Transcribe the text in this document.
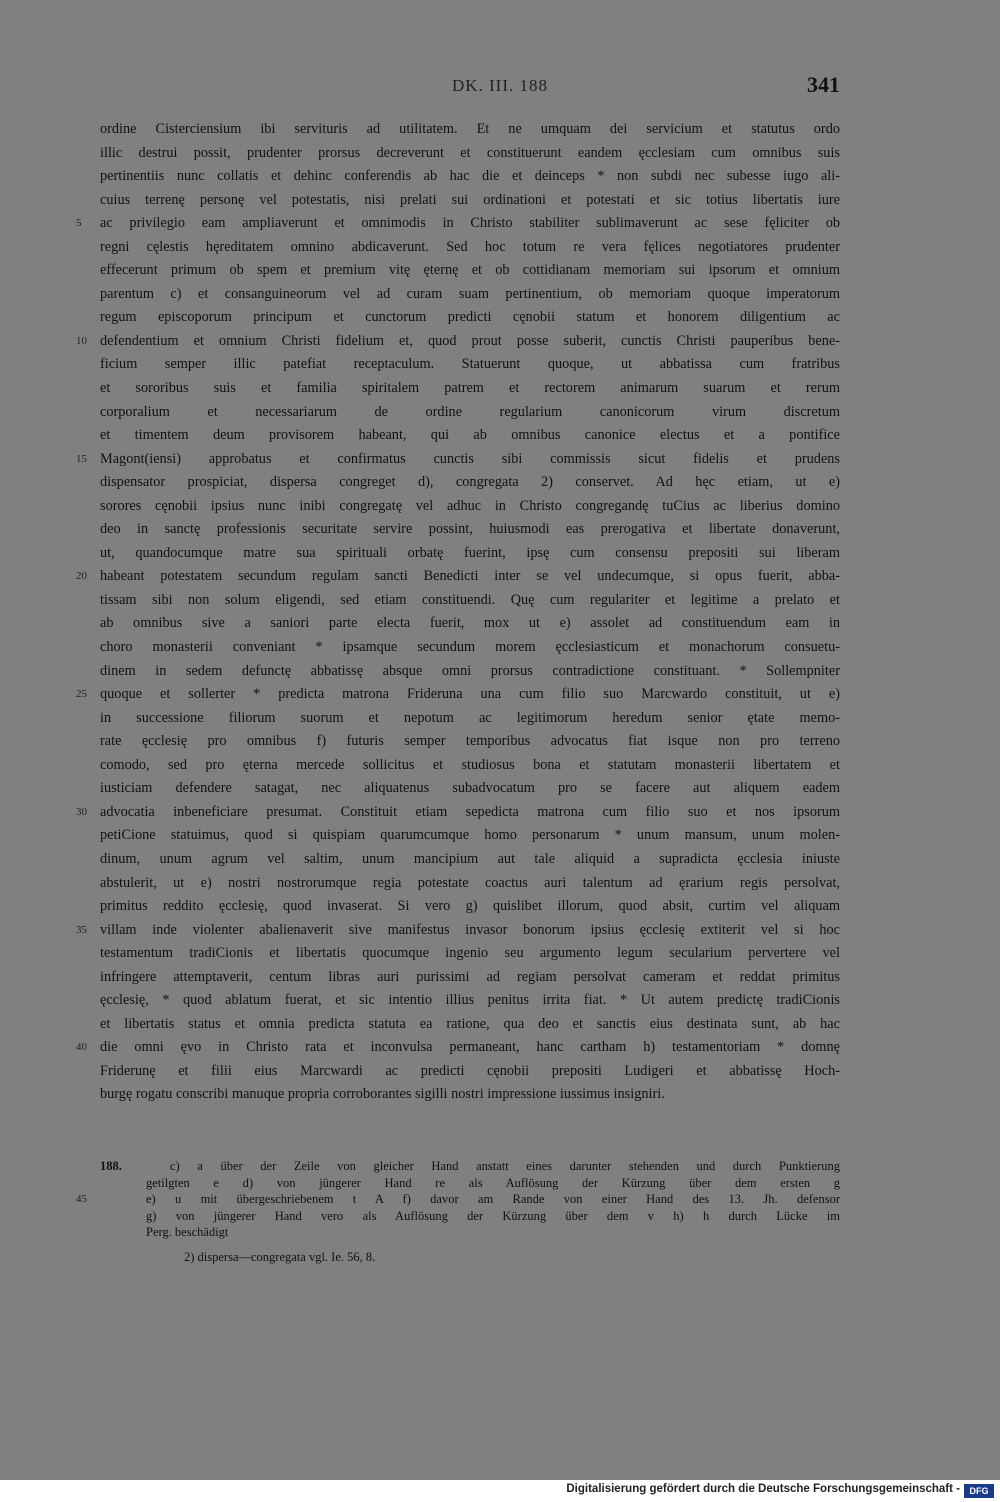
DK. III. 188	341
ordine Cisterciensium ibi servituris ad utilitatem. Et ne umquam dei servicium et statutus ordo
illic destrui possit, prudenter prorsus decreverunt et constituerunt eandem ęcclesiam cum omnibus suis
pertinentiis nunc collatis et dehinc conferendis ab hac die et deinceps * non subdi nec subesse iugo ali-
cuius terrenę personę vel potestatis, nisi prelati sui ordinationi et potestati et sic totius libertatis iure
ac privilegio eam ampliaverunt et omnimodis in Christo stabiliter sublimaverunt ac sese fęliciter ob
regni cęlestis hęreditatem omnino abdicaverunt. Sed hoc totum re vera fęlices negotiatores prudenter
effecerunt primum ob spem et premium vitę ęternę et ob cottidianam memoriam sui ipsorum et omnium
parentum c) et consanguineorum vel ad curam suam pertinentium, ob memoriam quoque imperatorum
regum episcoporum principum et cunctorum predicti cęnobii statum et honorem diligentium ac
defendentium et omnium Christi fidelium et, quod prout posse suberit, cunctis Christi pauperibus bene-
ficium semper illic patefiat receptaculum. Statuerunt quoque, ut abbatissa cum fratribus
et sororibus suis et familia spiritalem patrem et rectorem animarum suarum et rerum
corporalium et necessariarum de ordine regularium canonicorum virum discretum
et timentem deum provisorem habeant, qui ab omnibus canonice electus et a pontifice
Magont(iensi) approbatus et confirmatus cunctis sibi commissis sicut fidelis et prudens
dispensator prospiciat, dispersa congreget d), congregata 2) conservet. Ad hęc etiam, ut e)
sorores cęnobii ipsius nunc inibi congregatę vel adhuc in Christo congregandę tuCius ac liberius domino
deo in sanctę professionis securitate servire possint, huiusmodi eas prerogativa et libertate donaverunt,
ut, quandocumque matre sua spirituali orbatę fuerint, ipsę cum consensu prepositi sui liberam
habeant potestatem secundum regulam sancti Benedicti inter se vel undecumque, si opus fuerit, abba-
tissam sibi non solum eligendi, sed etiam constituendi. Quę cum regulariter et legitime a prelato et
ab omnibus sive a saniori parte electa fuerit, mox ut e) assolet ad constituendum eam in
choro monasterii conveniant * ipsamque secundum morem ęcclesiasticum et monachorum consuetu-
dinem in sedem defunctę abbatissę absque omni prorsus contradictione constituant. * Sollempniter
quoque et sollerter * predicta matrona Frideruna una cum filio suo Marcwardo constituit, ut e)
in successione filiorum suorum et nepotum ac legitimorum heredum senior ętate memo-
rate ęcclesię pro omnibus f) futuris semper temporibus advocatus fiat isque non pro terreno
comodo, sed pro ęterna mercede sollicitus et studiosus bona et statutam monasterii libertatem et
iusticiam defendere satagat, nec aliquatenus subadvocatum pro se facere aut aliquem eadem
advocatia inbeneficiare presumat. Constituit etiam sepedicta matrona cum filio suo et nos ipsorum
petiCione statuimus, quod si quispiam quarumcumque homo personarum * unum mansum, unum molen-
dinum, unum agrum vel saltim, unum mancipium aut tale aliquid a supradicta ęcclesia iniuste
abstulerit, ut e) nostri nostrorumque regia potestate coactus auri talentum ad ęrarium regis persolvat,
primitus reddito ęcclesię, quod invaserat. Si vero g) quislibet illorum, quod absit, curtim vel aliquam
villam inde violenter abalienaverit sive manifestus invasor bonorum ipsius ęcclesię extiterit vel si hoc
testamentum tradiCionis et libertatis quocumque ingenio seu argumento legum secularium pervertere vel
infringere attemptaverit, centum libras auri purissimi ad regiam persolvat cameram et reddat primitus
ęcclesię, * quod ablatum fuerat, et sic intentio illius penitus irrita fiat. * Ut autem predictę tradiCionis
et libertatis status et omnia predicta statuta ea ratione, qua deo et sanctis eius destinata sunt, ab hac
die omni ęvo in Christo rata et inconvulsa permaneant, hanc cartham h) testamentoriam * domnę
Friderunę et filii eius Marcwardi ac predicti cęnobii prepositi Ludigeri et abbatissę Hoch-
burgę rogatu conscribi manuque propria corroborantes sigilli nostri impressione iussimus insigniri.
5
10
15
20
25
30
35
40
188.	c) a über der Zeile von gleicher Hand anstatt eines darunter stehenden und durch Punktierung
getilgten e d) von jüngerer Hand re als Auflösung der Kürzung über dem ersten g
e) u mit übergeschriebenem t A f) davor am Rande von einer Hand des 13. Jh. defensor
g) von jüngerer Hand vero als Auflösung der Kürzung über dem v h) h durch Lücke im
Perg. beschädigt
45
2) dispersa—congregata vgl. Ie. 56, 8.
Digitalisierung gefördert durch die Deutsche Forschungsgemeinschaft -	DFG
